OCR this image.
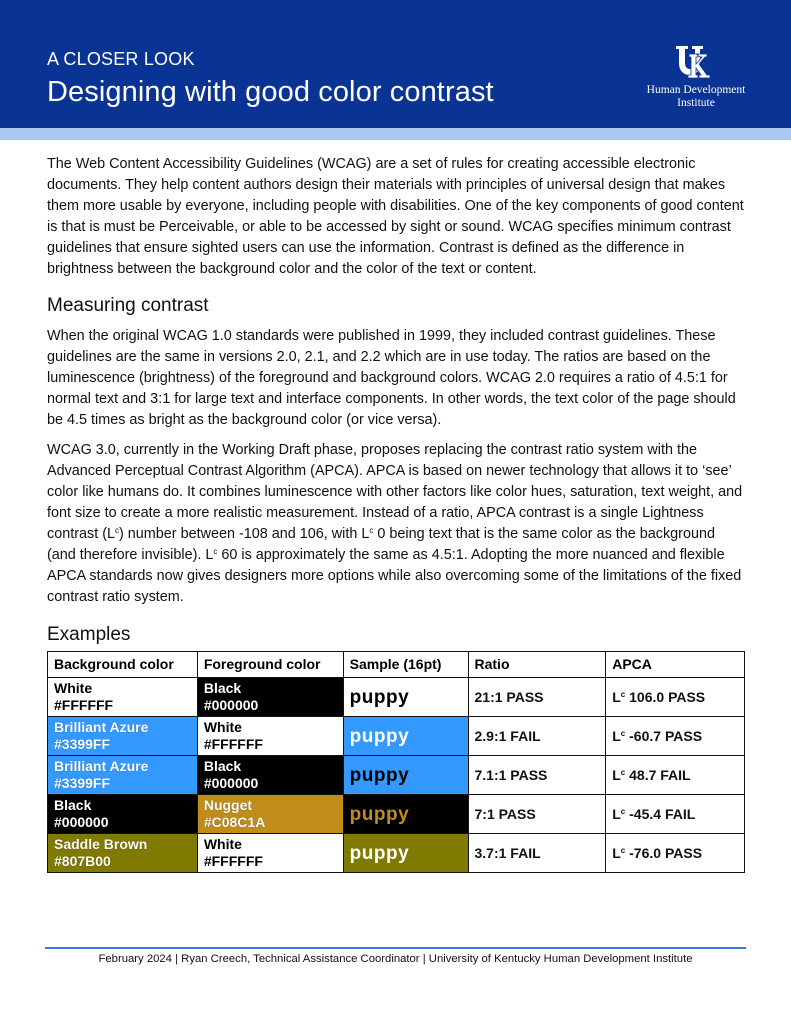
A CLOSER LOOK
Designing with good color contrast	Human Development
Institute

The Web Content Accessibility Guidelines (WCAG) are a set of rules for creating accessible electronic documents. They help content authors design their materials with principles of universal design that makes them more usable by everyone, including people with disabilities. One of the key components of good content is that is must be Perceivable, or able to be accessed by sight or sound. WCAG specifies minimum contrast guidelines that ensure sighted users can use the information. Contrast is defined as the difference in brightness between the background color and the color of the text or content.

Measuring contrast

When the original WCAG 1.0 standards were published in 1999, they included contrast guidelines. These guidelines are the same in versions 2.0, 2.1, and 2.2 which are in use today. The ratios are based on the luminescence (brightness) of the foreground and background colors. WCAG 2.0 requires a ratio of 4.5:1 for normal text and 3:1 for large text and interface components. In other words, the text color of the page should be 4.5 times as bright as the background color (or vice versa).

WCAG 3.0, currently in the Working Draft phase, proposes replacing the contrast ratio system with the Advanced Perceptual Contrast Algorithm (APCA). APCA is based on newer technology that allows it to ‘see’ color like humans do. It combines luminescence with other factors like color hues, saturation, text weight, and font size to create a more realistic measurement. Instead of a ratio, APCA contrast is a single Lightness contrast $(L^c)$ number between -108 and 106, with $L^c$ 0 being text that is the same color as the background (and therefore invisible). $L^c$ 60 is approximately the same as 4.5:1. Adopting the more nuanced and flexible APCA standards now gives designers more options while also overcoming some of the limitations of the fixed contrast ratio system.

Examples
Background color	Foreground color	Sample (16pt)	Ratio	APCA

White
#FFFFFF	Black
#000000	puppy	21:1 PASS	$L^c$ 106.0 PASS

Brilliant Azure
#3399FF	White
#FFFFFF	puppy	2.9:1 FAIL	$L^c$ -60.7 PASS

Brilliant Azure
#3399FF	Black
#000000	puppy	7.1:1 PASS	$L^c$ 48.7 FAIL

Black
#000000	Nugget
#C08C1A	puppy	7:1 PASS	$L^c$ -45.4 FAIL

Saddle Brown
#807B00	White
#FFFFFF	puppy	3.7:1 FAIL	$L^c$ -76.0 PASS
February 2024 | Ryan Creech, Technical Assistance Coordinator | University of Kentucky Human Development Institute
